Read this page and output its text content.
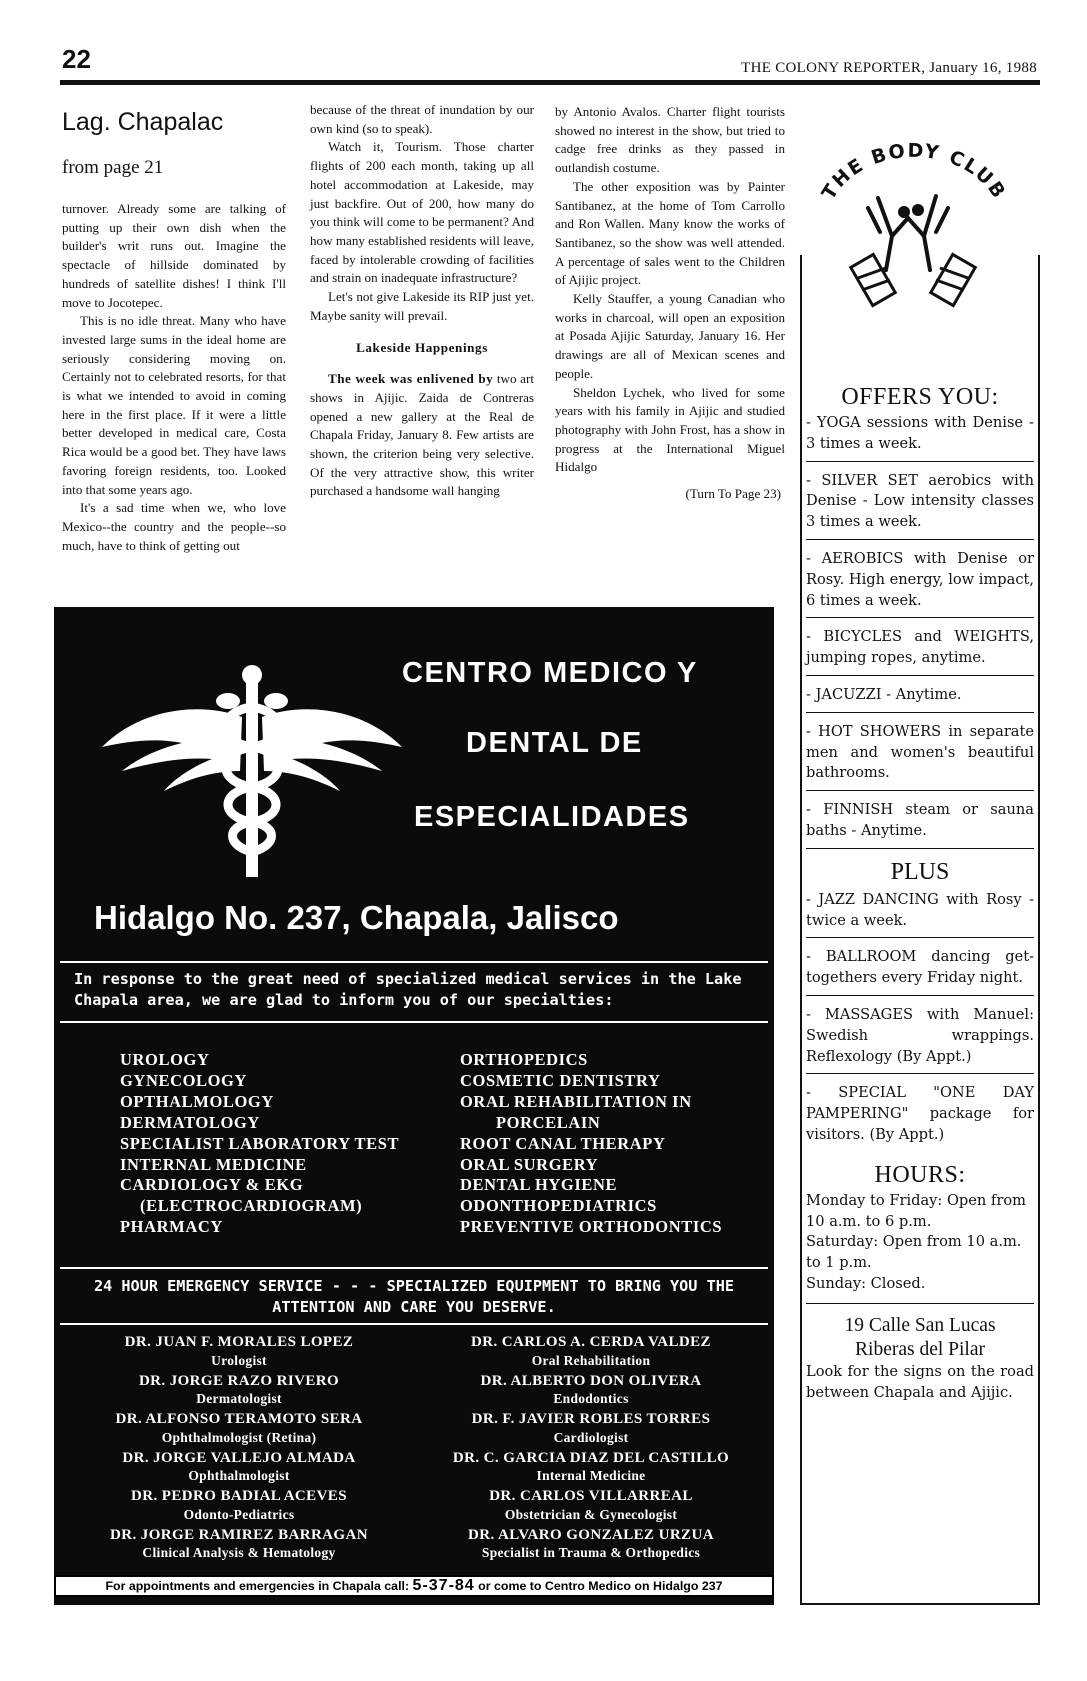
22	THE COLONY REPORTER, January 16, 1988
Lag. Chapalac
from page 21

turnover. Already some are talking of putting up their own dish when the builder's writ runs out. Imagine the spectacle of hillside dominated by hundreds of satellite dishes! I think I'll move to Jocotepec.

This is no idle threat. Many who have invested large sums in the ideal home are seriously considering moving on. Certainly not to celebrated resorts, for that is what we intended to avoid in coming here in the first place. If it were a little better developed in medical care, Costa Rica would be a good bet. They have laws favoring foreign residents, too. Looked into that some years ago.

It's a sad time when we, who love Mexico--the country and the people--so much, have to think of getting out

because of the threat of inundation by our own kind (so to speak).

Watch it, Tourism. Those charter flights of 200 each month, taking up all hotel accommodation at Lakeside, may just backfire. Out of 200, how many do you think will come to be permanent? And how many established residents will leave, faced by intolerable crowding of facilities and strain on inadequate infrastructure?

Let's not give Lakeside its RIP just yet. Maybe sanity will prevail.

Lakeside Happenings

The week was enlivened by two art shows in Ajijic. Zaida de Contreras opened a new gallery at the Real de Chapala Friday, January 8. Few artists are shown, the criterion being very selective. Of the very attractive show, this writer purchased a handsome wall hanging

by Antonio Avalos. Charter flight tourists showed no interest in the show, but tried to cadge free drinks as they passed in outlandish costume.

The other exposition was by Painter Santibanez, at the home of Tom Carrollo and Ron Wallen. Many know the works of Santibanez, so the show was well attended. A percentage of sales went to the Children of Ajijic project.

Kelly Stauffer, a young Canadian who works in charcoal, will open an exposition at Posada Ajijic Saturday, January 16. Her drawings are all of Mexican scenes and people.

Sheldon Lychek, who lived for some years with his family in Ajijic and studied photography with John Frost, has a show in progress at the International Miguel Hidalgo

(Turn To Page 23)

CENTRO MEDICO Y
DENTAL DE
ESPECIALIDADES
Hidalgo No. 237, Chapala, Jalisco
In response to the great need of specialized medical services in the Lake Chapala area, we are glad to inform you of our specialties:
UROLOGY
GYNECOLOGY
OPTHALMOLOGY
DERMATOLOGY
SPECIALIST LABORATORY TEST
INTERNAL MEDICINE
CARDIOLOGY & EKG
(ELECTROCARDIOGRAM)
PHARMACY
ORTHOPEDICS
COSMETIC DENTISTRY
ORAL REHABILITATION IN
PORCELAIN
ROOT CANAL THERAPY
ORAL SURGERY
DENTAL HYGIENE
ODONTHOPEDIATRICS
PREVENTIVE ORTHODONTICS
24 HOUR EMERGENCY SERVICE - - - SPECIALIZED EQUIPMENT TO BRING YOU THE ATTENTION AND CARE YOU DESERVE.
DR. JUAN F. MORALES LOPEZ
Urologist
DR. JORGE RAZO RIVERO
Dermatologist
DR. ALFONSO TERAMOTO SERA
Ophthalmologist (Retina)
DR. JORGE VALLEJO ALMADA
Ophthalmologist
DR. PEDRO BADIAL ACEVES
Odonto-Pediatrics
DR. JORGE RAMIREZ BARRAGAN
Clinical Analysis & Hematology
DR. CARLOS A. CERDA VALDEZ
Oral Rehabilitation
DR. ALBERTO DON OLIVERA
Endodontics
DR. F. JAVIER ROBLES TORRES
Cardiologist
DR. C. GARCIA DIAZ DEL CASTILLO
Internal Medicine
DR. CARLOS VILLARREAL
Obstetrician & Gynecologist
DR. ALVARO GONZALEZ URZUA
Specialist in Trauma & Orthopedics
For appointments and emergencies in Chapala call: 5-37-84 or come to Centro Medico on Hidalgo 237
THE BODY CLUB
OFFERS YOU:
- YOGA sessions with Denise - 3 times a week.
- SILVER SET aerobics with Denise - Low intensity classes 3 times a week.
- AEROBICS with Denise or Rosy. High energy, low impact, 6 times a week.
- BICYCLES and WEIGHTS, jumping ropes, anytime.
- JACUZZI - Anytime.
- HOT SHOWERS in separate men and women's beautiful bathrooms.
- FINNISH steam or sauna baths - Anytime.
PLUS
- JAZZ DANCING with Rosy - twice a week.
- BALLROOM dancing get-togethers every Friday night.
- MASSAGES with Manuel: Swedish wrappings. Reflexology (By Appt.)
- SPECIAL "ONE DAY PAMPERING" package for visitors. (By Appt.)
HOURS:
Monday to Friday: Open from 10 a.m. to 6 p.m.
Saturday: Open from 10 a.m. to 1 p.m.
Sunday: Closed.
19 Calle San Lucas
Riberas del Pilar
Look for the signs on the road between Chapala and Ajijic.
